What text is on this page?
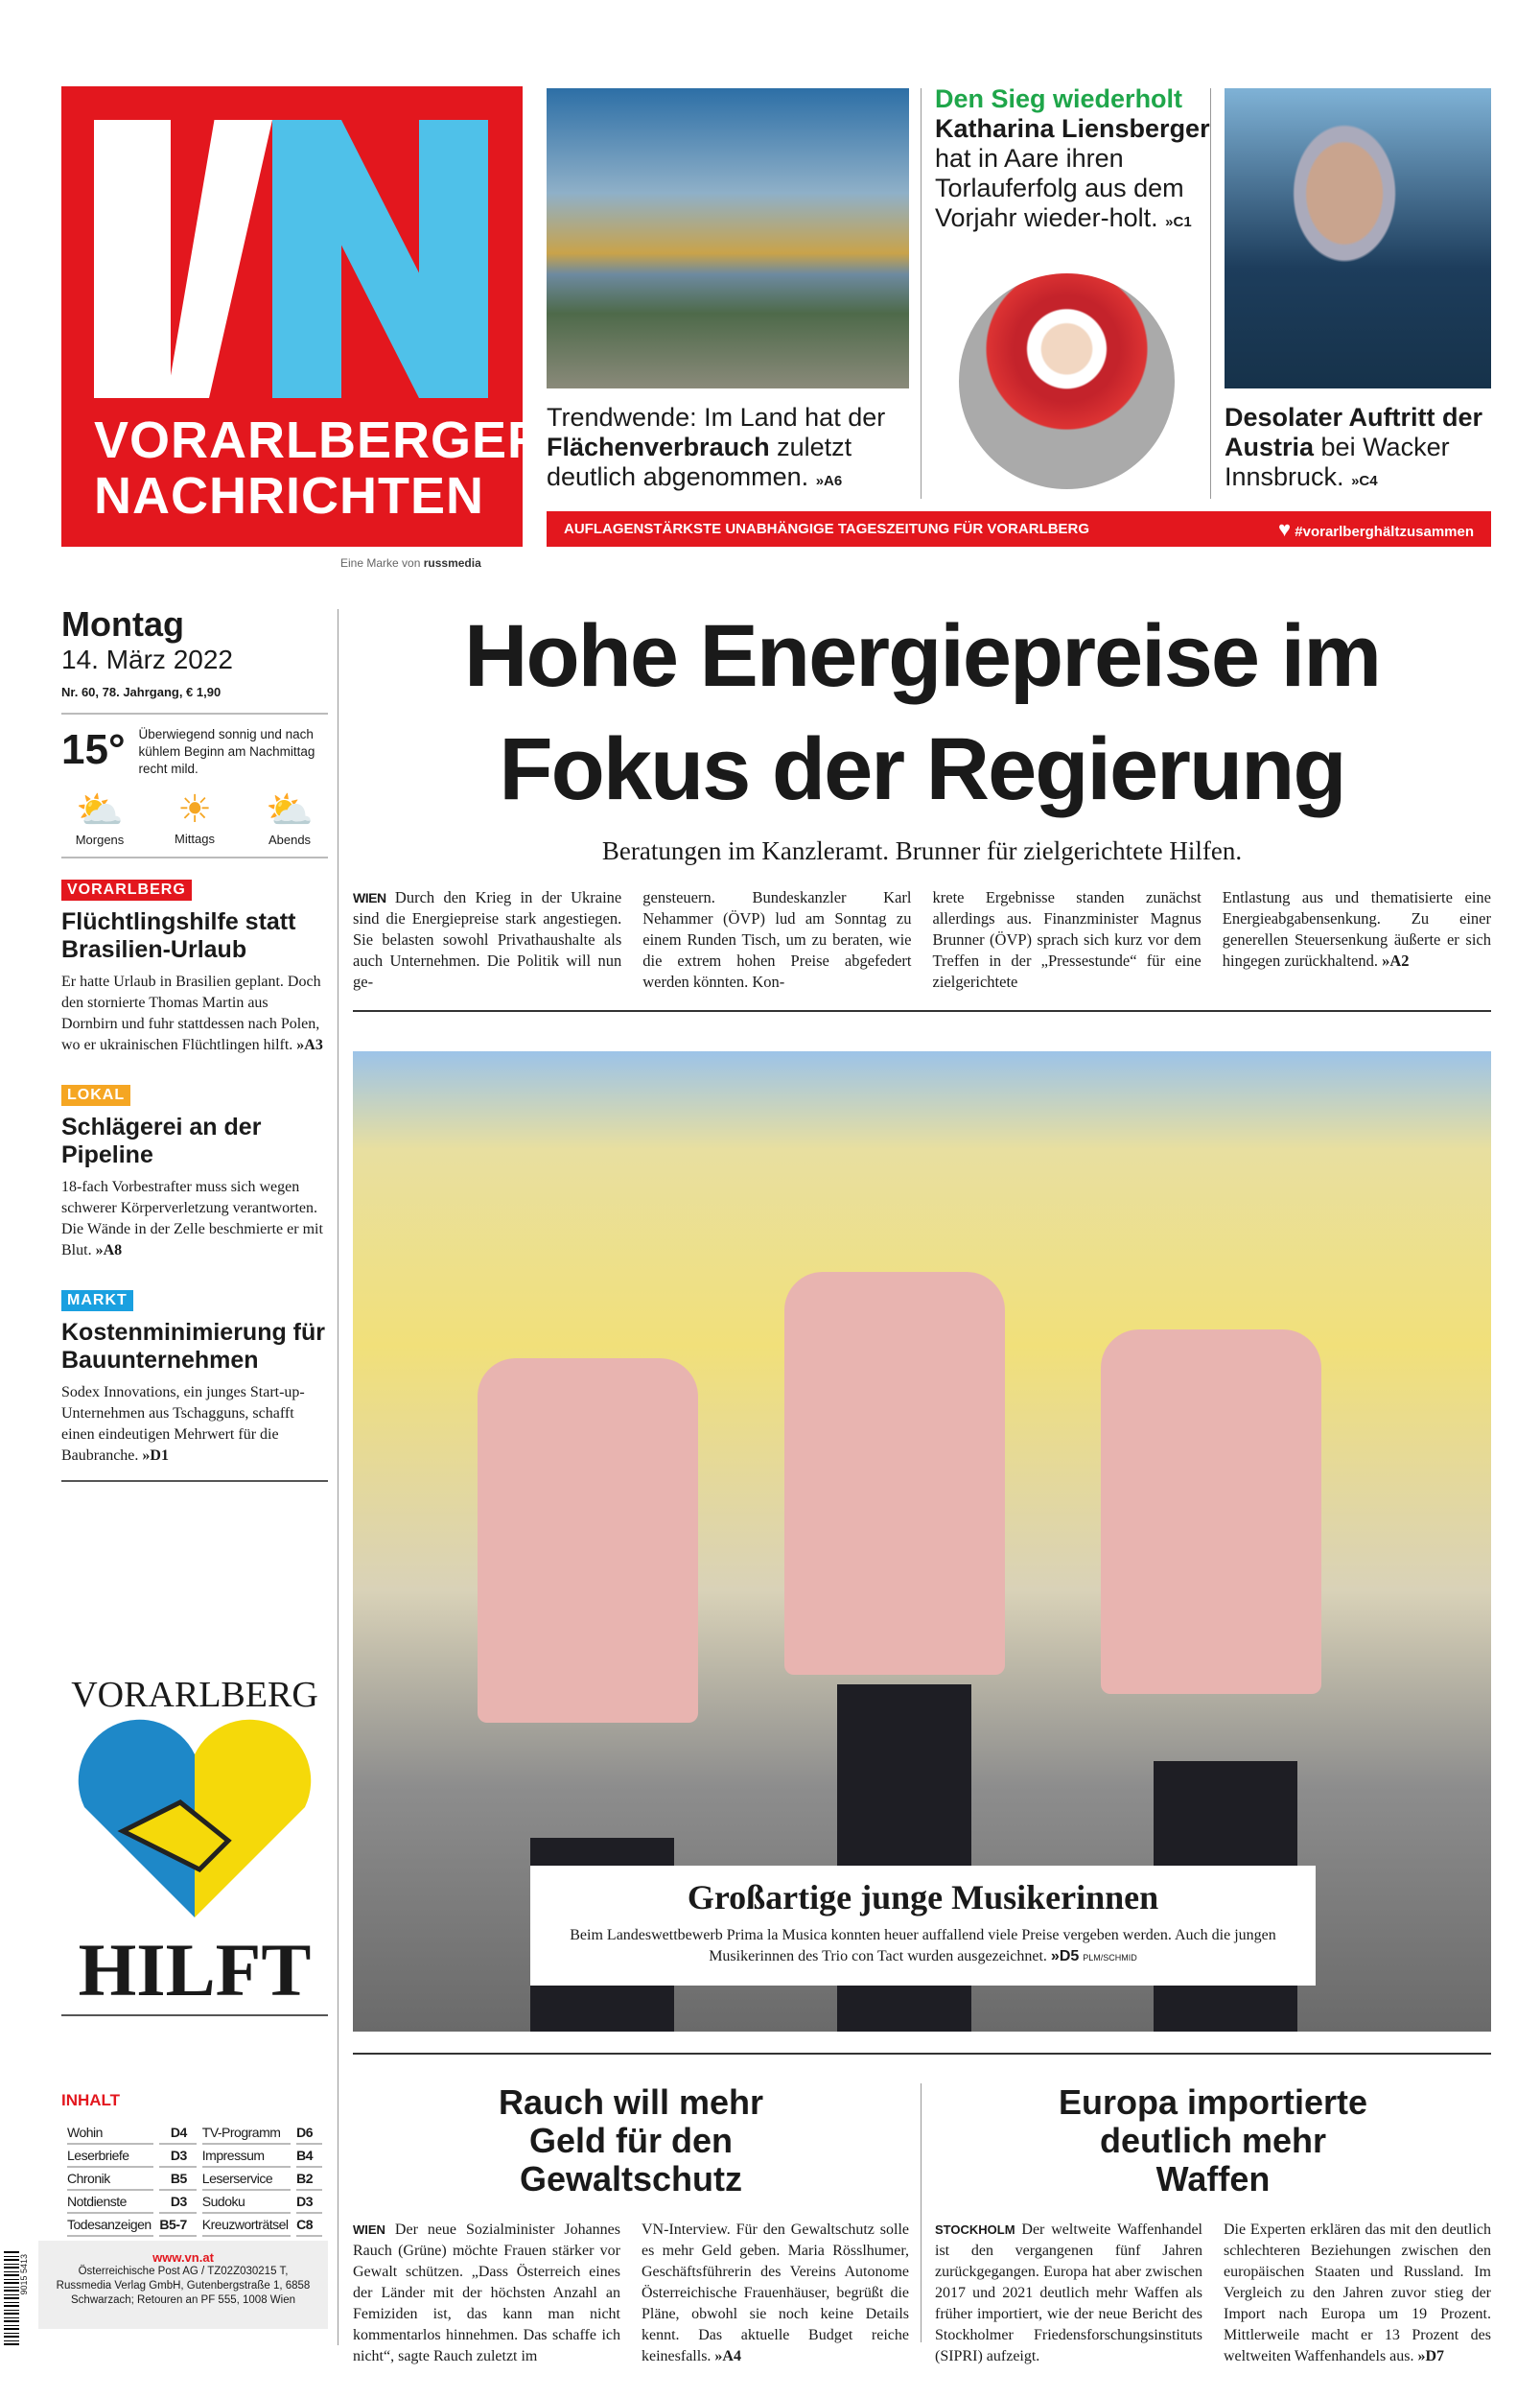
VORARLBERGER
NACHRICHTEN
Eine Marke von russmedia
Trendwende: Im Land hat der Flächenverbrauch zuletzt deutlich abgenommen. »A6
Den Sieg wiederholt
Katharina Liensberger
hat in Aare ihren Torlauferfolg aus dem Vorjahr wieder-holt. »C1
Desolater Auftritt der Austria bei Wacker Innsbruck. »C4
AUFLAGENSTÄRKSTE UNABHÄNGIGE TAGESZEITUNG FÜR VORARLBERG	♥ #vorarlberghältzusammen
Montag
14. März 2022
Nr. 60, 78. Jahrgang, € 1,90
15° Überwiegend sonnig und nach kühlem Beginn am Nachmittag recht mild.
⛅
Morgens
☀
Mittags
⛅
Abends
VORARLBERG
Flüchtlingshilfe statt Brasilien-Urlaub
Er hatte Urlaub in Brasilien geplant. Doch den stornierte Thomas Martin aus Dornbirn und fuhr stattdessen nach Polen, wo er ukrainischen Flüchtlingen hilft. »A3
LOKAL
Schlägerei an der Pipeline
18-fach Vorbestrafter muss sich wegen schwerer Körperverletzung verantworten. Die Wände in der Zelle beschmierte er mit Blut. »A8
MARKT
Kostenminimierung für Bauunternehmen
Sodex Innovations, ein junges Start-up-Unternehmen aus Tschagguns, schafft einen eindeutigen Mehrwert für die Baubranche. »D1
VORARLBERG
HILFT
Hohe Energiepreise im Fokus der Regierung
Beratungen im Kanzleramt. Brunner für zielgerichtete Hilfen.
WIEN Durch den Krieg in der Ukraine sind die Energiepreise stark angestiegen. Sie belasten sowohl Privathaushalte als auch Unternehmen. Die Politik will nun ge-
gensteuern. Bundeskanzler Karl Nehammer (ÖVP) lud am Sonntag zu einem Runden Tisch, um zu beraten, wie die extrem hohen Preise abgefedert werden könnten. Kon-
krete Ergebnisse standen zunächst allerdings aus. Finanzminister Magnus Brunner (ÖVP) sprach sich kurz vor dem Treffen in der „Pressestunde“ für eine zielgerichtete
Entlastung aus und thematisierte eine Energieabgabensenkung. Zu einer generellen Steuersenkung äußerte er sich hingegen zurückhaltend. »A2
Großartige junge Musikerinnen
Beim Landeswettbewerb Prima la Musica konnten heuer auffallend viele Preise vergeben werden. Auch die jungen Musikerinnen des Trio con Tact wurden ausgezeichnet. »D5 PLM/SCHMID
INHALT
Wohin	D4	TV-Programm	D6
Leserbriefe	D3	Impressum	B4
Chronik	B5	Leserservice	B2
Notdienste	D3	Sudoku	D3
Todesanzeigen	B5-7	Kreuzworträtsel	C8
9015 5413	www.vn.at
Österreichische Post AG / TZ02Z030215 T, Russmedia Verlag GmbH, Gutenbergstraße 1, 6858 Schwarzach; Retouren an PF 555, 1008 Wien
Rauch will mehr Geld für den Gewaltschutz
WIEN Der neue Sozialminister Johannes Rauch (Grüne) möchte Frauen stärker vor Gewalt schützen. „Dass Österreich eines der Länder mit der höchsten Anzahl an Femiziden ist, das kann man nicht kommentarlos hinnehmen. Das schaffe ich nicht“, sagte Rauch zuletzt im
VN-Interview. Für den Gewaltschutz solle es mehr Geld geben. Maria Rösslhumer, Geschäftsführerin des Vereins Autonome Österreichische Frauenhäuser, begrüßt die Pläne, obwohl sie noch keine Details kennt. Das aktuelle Budget reiche keinesfalls. »A4
Europa importierte deutlich mehr Waffen
STOCKHOLM Der weltweite Waffenhandel ist den vergangenen fünf Jahren zurückgegangen. Europa hat aber zwischen 2017 und 2021 deutlich mehr Waffen als früher importiert, wie der neue Bericht des Stockholmer Friedensforschungsinstituts (SIPRI) aufzeigt.
Die Experten erklären das mit den deutlich schlechteren Beziehungen zwischen den europäischen Staaten und Russland. Im Vergleich zu den Jahren zuvor stieg der Import nach Europa um 19 Prozent. Mittlerweile macht er 13 Prozent des weltweiten Waffenhandels aus. »D7
